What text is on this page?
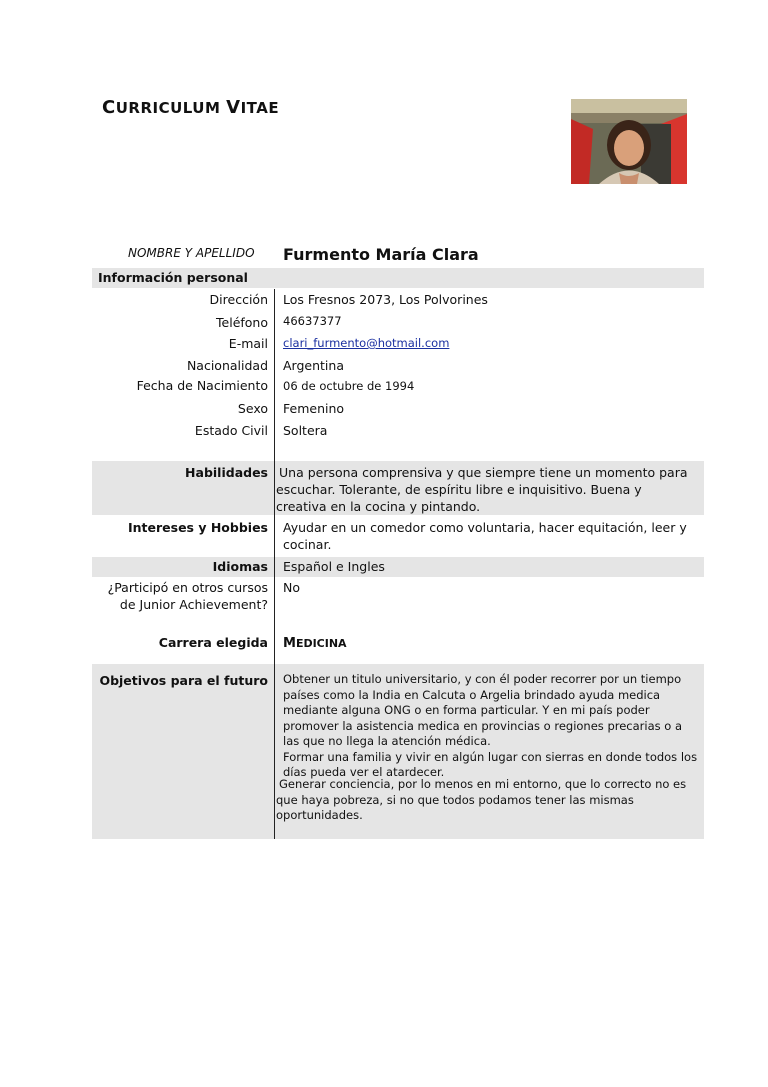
CURRICULUM VITAE
NOMBRE Y APELLIDO Furmento María Clara
Información personal
Dirección Los Fresnos 2073, Los Polvorines
Teléfono 46637377
E-mail clari_furmento@hotmail.com
Nacionalidad Argentina
Fecha de Nacimiento 06 de octubre de 1994
Sexo Femenino
Estado Civil Soltera
Habilidades Una persona comprensiva y que siempre tiene un momento para
escuchar. Tolerante, de espíritu libre e inquisitivo. Buena y
creativa en la cocina y pintando.
Intereses y Hobbies Ayudar en un comedor como voluntaria, hacer equitación, leer y
cocinar.
Idiomas Español e Ingles
¿Participó en otros cursos
de Junior Achievement?
No
Carrera elegida MEDICINA
Objetivos para el futuro Obtener un titulo universitario, y con él poder recorrer por un tiempo
países como la India en Calcuta o Argelia brindado ayuda medica
mediante alguna ONG o en forma particular. Y en mi país poder
promover la asistencia medica en provincias o regiones precarias o a
las que no llega la atención médica.
Formar una familia y vivir en algún lugar con sierras en donde todos los
días pueda ver el atardecer.
Generar conciencia, por lo menos en mi entorno, que lo correcto no es
que haya pobreza, si no que todos podamos tener las mismas
oportunidades.
